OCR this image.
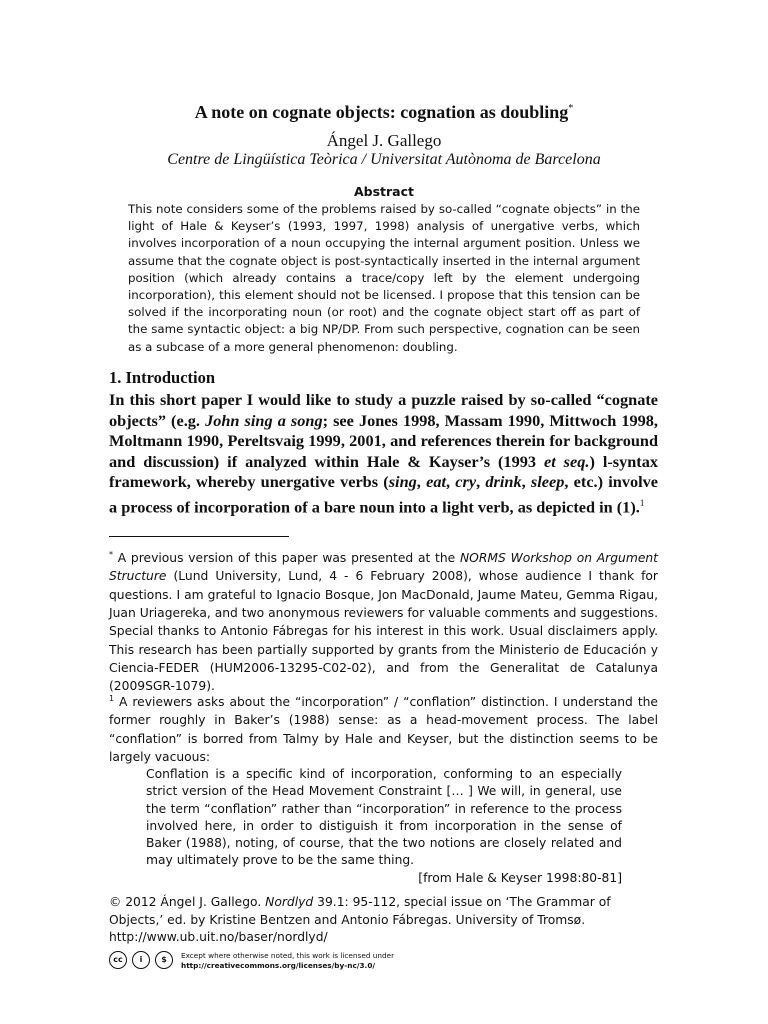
A note on cognate objects: cognation as doubling*
Ángel J. Gallego
Centre de Lingüística Teòrica / Universitat Autònoma de Barcelona
Abstract
This note considers some of the problems raised by so-called “cognate objects” in the light of Hale & Keyser’s (1993, 1997, 1998) analysis of unergative verbs, which involves incorporation of a noun occupying the internal argument position. Unless we assume that the cognate object is post-syntactically inserted in the internal argument position (which already contains a trace/copy left by the element undergoing incorporation), this element should not be licensed. I propose that this tension can be solved if the incorporating noun (or root) and the cognate object start off as part of the same syntactic object: a big NP/DP. From such perspective, cognation can be seen as a subcase of a more general phenomenon: doubling.
1. Introduction
In this short paper I would like to study a puzzle raised by so-called “cognate objects” (e.g. John sing a song; see Jones 1998, Massam 1990, Mittwoch 1998, Moltmann 1990, Pereltsvaig 1999, 2001, and references therein for background and discussion) if analyzed within Hale & Kayser’s (1993 et seq.) l-syntax framework, whereby unergative verbs (sing, eat, cry, drink, sleep, etc.) involve a process of incorporation of a bare noun into a light verb, as depicted in (1).$^1$
* A previous version of this paper was presented at the NORMS Workshop on Argument Structure (Lund University, Lund, 4 - 6 February 2008), whose audience I thank for questions. I am grateful to Ignacio Bosque, Jon MacDonald, Jaume Mateu, Gemma Rigau, Juan Uriagereka, and two anonymous reviewers for valuable comments and suggestions. Special thanks to Antonio Fábregas for his interest in this work. Usual disclaimers apply. This research has been partially supported by grants from the Ministerio de Educación y Ciencia-FEDER (HUM2006-13295-C02-02), and from the Generalitat de Catalunya (2009SGR-1079).
$^1$ A reviewers asks about the “incorporation” / “conflation” distinction. I understand the former roughly in Baker’s (1988) sense: as a head-movement process. The label “conflation” is borred from Talmy by Hale and Keyser, but the distinction seems to be largely vacuous:
Conflation is a specific kind of incorporation, conforming to an especially strict version of the Head Movement Constraint [… ] We will, in general, use the term “conflation” rather than “incorporation” in reference to the process involved here, in order to distiguish it from incorporation in the sense of Baker (1988), noting, of course, that the two notions are closely related and may ultimately prove to be the same thing.
[from Hale & Keyser 1998:80-81]
© 2012 Ángel J. Gallego. Nordlyd 39.1: 95-112, special issue on ‘The Grammar of Objects,’ ed. by Kristine Bentzen and Antonio Fábregas. University of Tromsø.
http://www.ub.uit.no/baser/nordlyd/
cc	i	$	Except where otherwise noted, this work is licensed under
http://creativecommons.org/licenses/by-nc/3.0/
